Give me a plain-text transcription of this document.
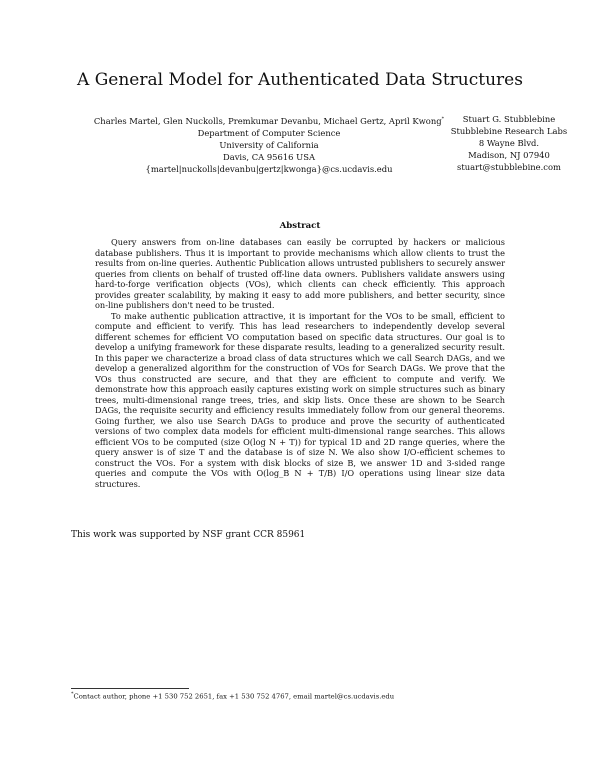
A General Model for Authenticated Data Structures
Charles Martel, Glen Nuckolls, Premkumar Devanbu, Michael Gertz, April Kwong*
Department of Computer Science
University of California
Davis, CA 95616 USA
{martel|nuckolls|devanbu|gertz|kwonga}@cs.ucdavis.edu
Stuart G. Stubblebine
Stubblebine Research Labs
8 Wayne Blvd.
Madison, NJ 07940
stuart@stubblebine.com
Abstract

Query answers from on-line databases can easily be corrupted by hackers or malicious database publishers. Thus it is important to provide mechanisms which allow clients to trust the results from on-line queries. Authentic Publication allows untrusted publishers to securely answer queries from clients on behalf of trusted off-line data owners. Publishers validate answers using hard-to-forge verification objects (VOs), which clients can check efficiently. This approach provides greater scalability, by making it easy to add more publishers, and better security, since on-line publishers don't need to be trusted.

To make authentic publication attractive, it is important for the VOs to be small, efficient to compute and efficient to verify. This has lead researchers to independently develop several different schemes for efficient VO computation based on specific data structures. Our goal is to develop a unifying framework for these disparate results, leading to a generalized security result. In this paper we characterize a broad class of data structures which we call Search DAGs, and we develop a generalized algorithm for the construction of VOs for Search DAGs. We prove that the VOs thus constructed are secure, and that they are efficient to compute and verify. We demonstrate how this approach easily captures existing work on simple structures such as binary trees, multi-dimensional range trees, tries, and skip lists. Once these are shown to be Search DAGs, the requisite security and efficiency results immediately follow from our general theorems. Going further, we also use Search DAGs to produce and prove the security of authenticated versions of two complex data models for efficient multi-dimensional range searches. This allows efficient VOs to be computed (size O(log N + T)) for typical 1D and 2D range queries, where the query answer is of size T and the database is of size N. We also show I/O-efficient schemes to construct the VOs. For a system with disk blocks of size B, we answer 1D and 3-sided range queries and compute the VOs with O(log_B N + T/B) I/O operations using linear size data structures.

This work was supported by NSF grant CCR 85961
*Contact author, phone +1 530 752 2651, fax +1 530 752 4767, email martel@cs.ucdavis.edu
